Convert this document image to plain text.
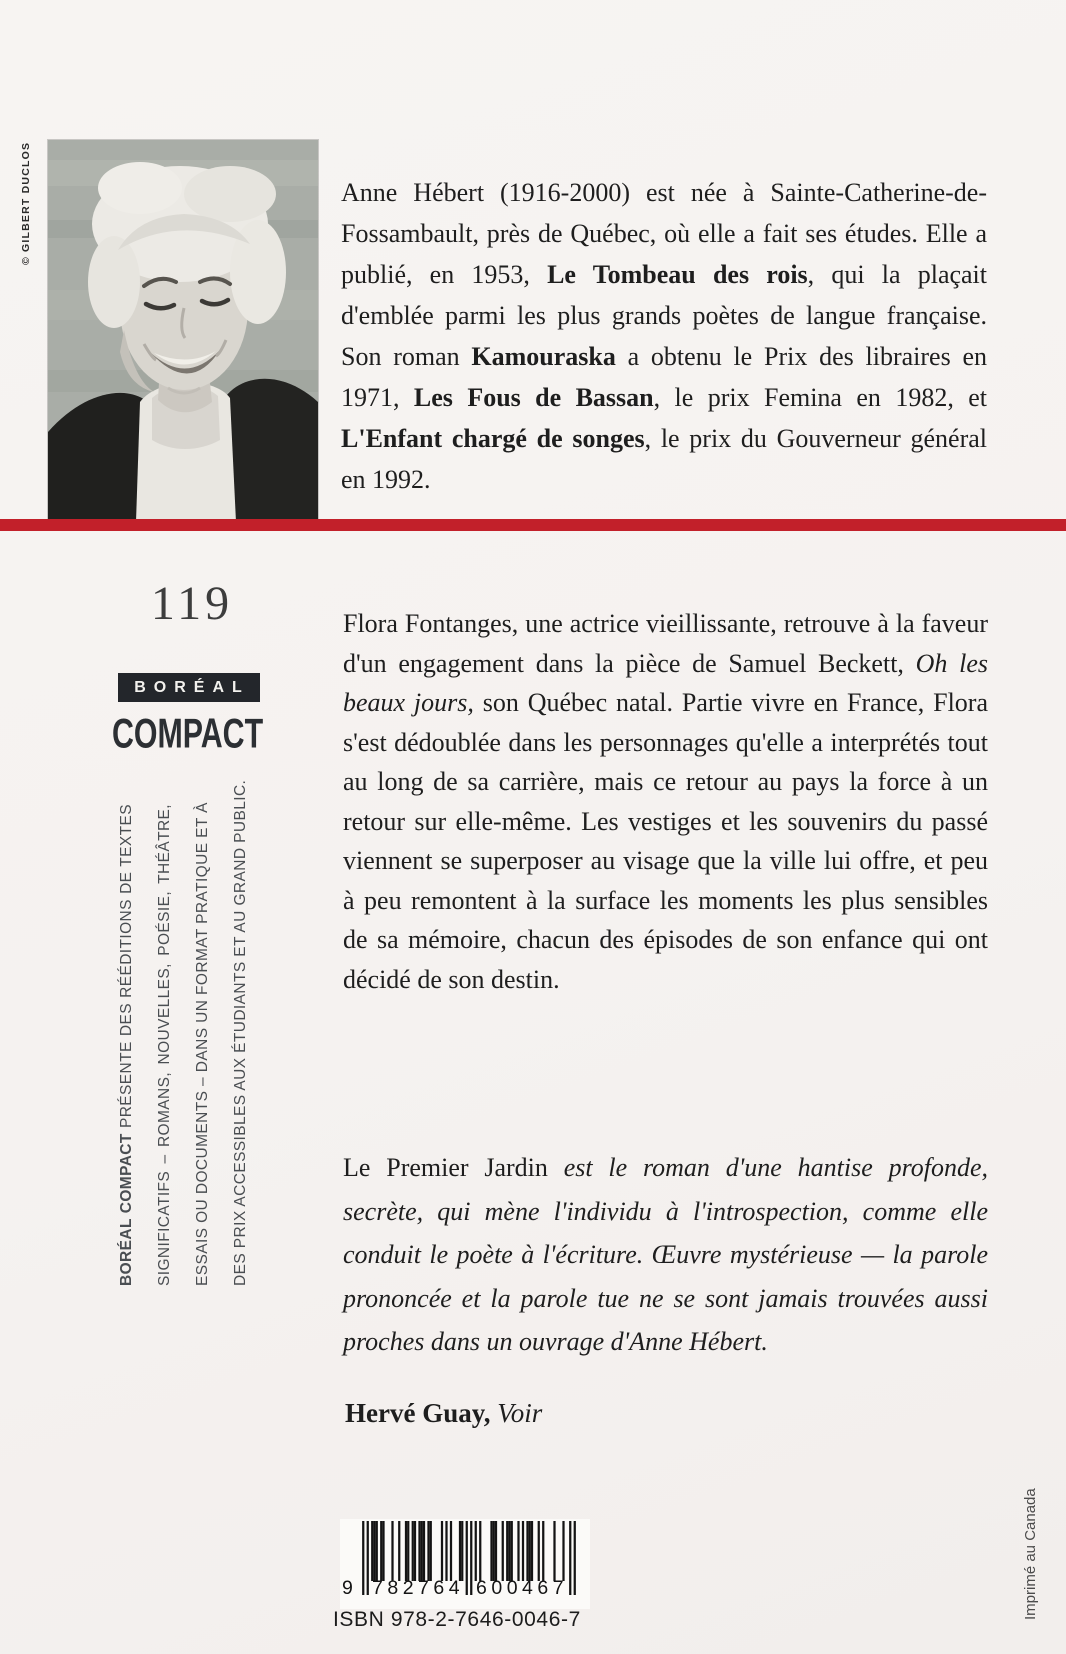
© GILBERT DUCLOS	Anne Hébert (1916-2000) est née à Sainte-Catherine-de-Fossambault, près de Québec, où elle a fait ses études. Elle a publié, en 1953, Le Tombeau des rois, qui la plaçait d'emblée parmi les plus grands poètes de langue française. Son roman Kamouraska a obtenu le Prix des libraires en 1971, Les Fous de Bassan, le prix Femina en 1982, et L'Enfant chargé de songes, le prix du Gouverneur général en 1992.

119
BORÉAL
COMPACT
BORÉAL COMPACT PRÉSENTE DES RÉÉDITIONS DE TEXTES	SIGNIFICATIFS – ROMANS, NOUVELLES, POÉSIE, THÉÂTRE,	ESSAIS OU DOCUMENTS – DANS UN FORMAT PRATIQUE ET À	DES PRIX ACCESSIBLES AUX ÉTUDIANTS ET AU GRAND PUBLIC.

Flora Fontanges, une actrice vieillissante, retrouve à la faveur d'un engagement dans la pièce de Samuel Beckett, Oh les beaux jours, son Québec natal. Partie vivre en France, Flora s'est dédoublée dans les personnages qu'elle a interprétés tout au long de sa carrière, mais ce retour au pays la force à un retour sur elle-même. Les vestiges et les souvenirs du passé viennent se superposer au visage que la ville lui offre, et peu à peu remontent à la surface les moments les plus sensibles de sa mémoire, chacun des épisodes de son enfance qui ont décidé de son destin.

Le Premier Jardin est le roman d'une hantise profonde, secrète, qui mène l'individu à l'introspection, comme elle conduit le poète à l'écriture. Œuvre mystérieuse — la parole prononcée et la parole tue ne se sont jamais trouvées aussi proches dans un ouvrage d'Anne Hébert.

Hervé Guay, Voir
9 782764 600467
ISBN 978-2-7646-0046-7	Imprimé au Canada
